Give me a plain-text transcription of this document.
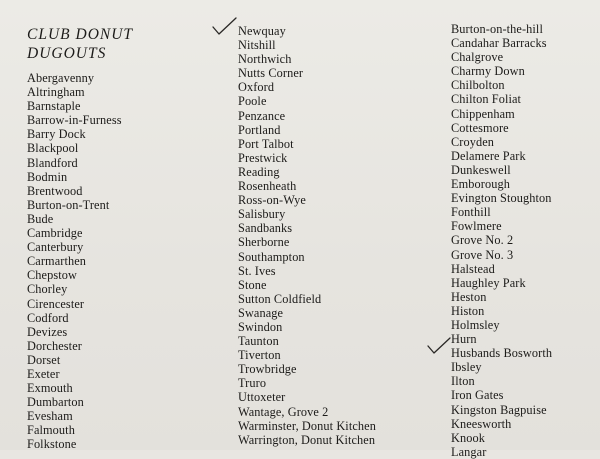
CLUB DONUT
DUGOUTS
Abergavenny
Altringham
Barnstaple
Barrow-in-Furness
Barry Dock
Blackpool
Blandford
Bodmin
Brentwood
Burton-on-Trent
Bude
Cambridge
Canterbury
Carmarthen
Chepstow
Chorley
Cirencester
Codford
Devizes
Dorchester
Dorset
Exeter
Exmouth
Dumbarton
Evesham
Falmouth
Folkstone
Newquay
Nitshill
Northwich
Nutts Corner
Oxford
Poole
Penzance
Portland
Port Talbot
Prestwick
Reading
Rosenheath
Ross-on-Wye
Salisbury
Sandbanks
Sherborne
Southampton
St. Ives
Stone
Sutton Coldfield
Swanage
Swindon
Taunton
Tiverton
Trowbridge
Truro
Uttoxeter
Wantage, Grove 2
Warminster, Donut Kitchen
Warrington, Donut Kitchen
Burton-on-the-hill
Candahar Barracks
Chalgrove
Charmy Down
Chilbolton
Chilton Foliat
Chippenham
Cottesmore
Croyden
Delamere Park
Dunkeswell
Emborough
Evington Stoughton
Fonthill
Fowlmere
Grove No. 2
Grove No. 3
Halstead
Haughley Park
Heston
Histon
Holmsley
Hurn
Husbands Bosworth
Ibsley
Ilton
Iron Gates
Kingston Bagpuise
Kneesworth
Knook
Langar
